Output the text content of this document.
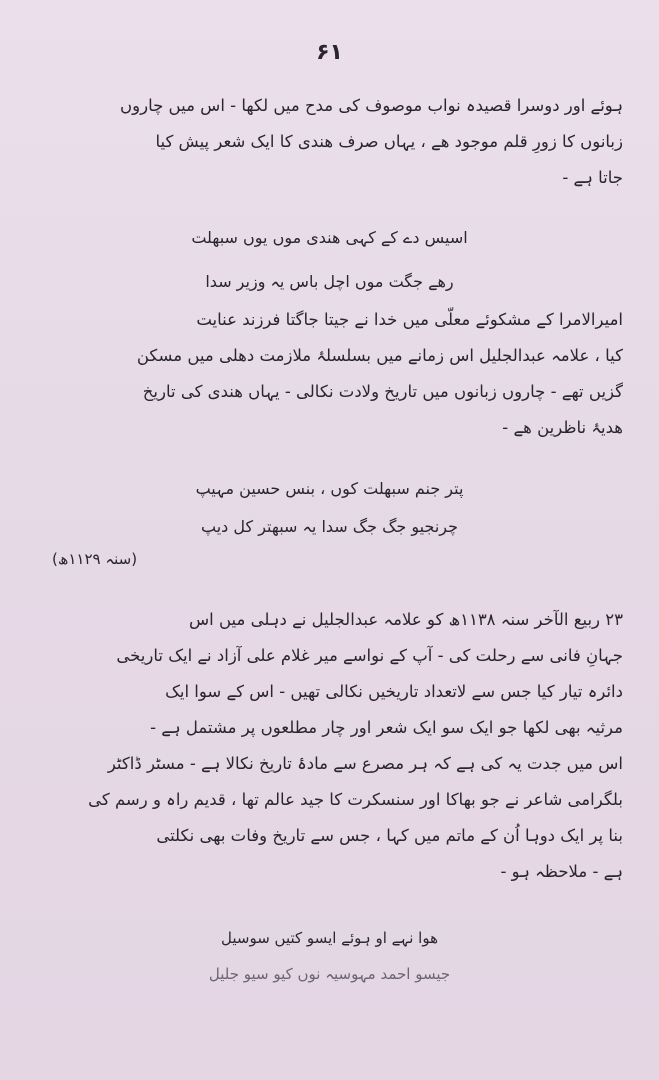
۶۱
ہوئے اور دوسرا قصیدہ نواب موصوف کی مدح میں لکھا - اس میں چاروں
زبانوں کا زورِ قلم موجود ھے ، یہاں صرف ھندی کا ایک شعر پیش کیا
جاتا ہے -
اسیس دے کے کہی ھندی موں یوں سبھلت
رھے جگت موں اچل باس یہ وزیر سدا
امیرالامرا کے مشکوئے معلّی میں خدا نے جیتا جاگتا فرزند عنایت
کیا ، علامہ عبدالجلیل اس زمانے میں بسلسلۂ ملازمت دھلی میں مسکن
گزیں تھے - چاروں زبانوں میں تاریخ ولادت نکالی - یہاں ھندی کی تاریخ
ھدیۂ ناظرین ھے -
پتر جنم سبھلت کوں ، بنس حسین مہیپ
چرنجیو جگ جگ سدا یہ سبھتر کل دیپ
(سنہ ۱۱۲۹ھ)
۲۳ ربیع الآخر سنہ ۱۱۳۸ھ کو علامہ عبدالجلیل نے دہلی میں اس
جہانِ فانی سے رحلت کی - آپ کے نواسے میر غلام علی آزاد نے ایک تاریخی
دائرہ تیار کیا جس سے لاتعداد تاریخیں نکالی تھیں - اس کے سوا ایک
مرثیہ بھی لکھا جو ایک سو ایک شعر اور چار مطلعوں پر مشتمل ہے -
اس میں جدت یہ کی ہے کہ ہر مصرع سے مادۂ تاریخ نکالا ہے - مسٹر ڈاکٹر
بلگرامی شاعر نے جو بھاکا اور سنسکرت کا جید عالم تھا ، قدیم راہ و رسم کی
بنا پر ایک دوہا اُن کے ماتم میں کہا ، جس سے تاریخ وفات بھی نکلتی
ہے - ملاحظہ ہو -
ھوا نہے او ہوئے ایسو کتیں سوسیل
جیسو احمد مہوسیہ نوں کیو سیو جلیل
